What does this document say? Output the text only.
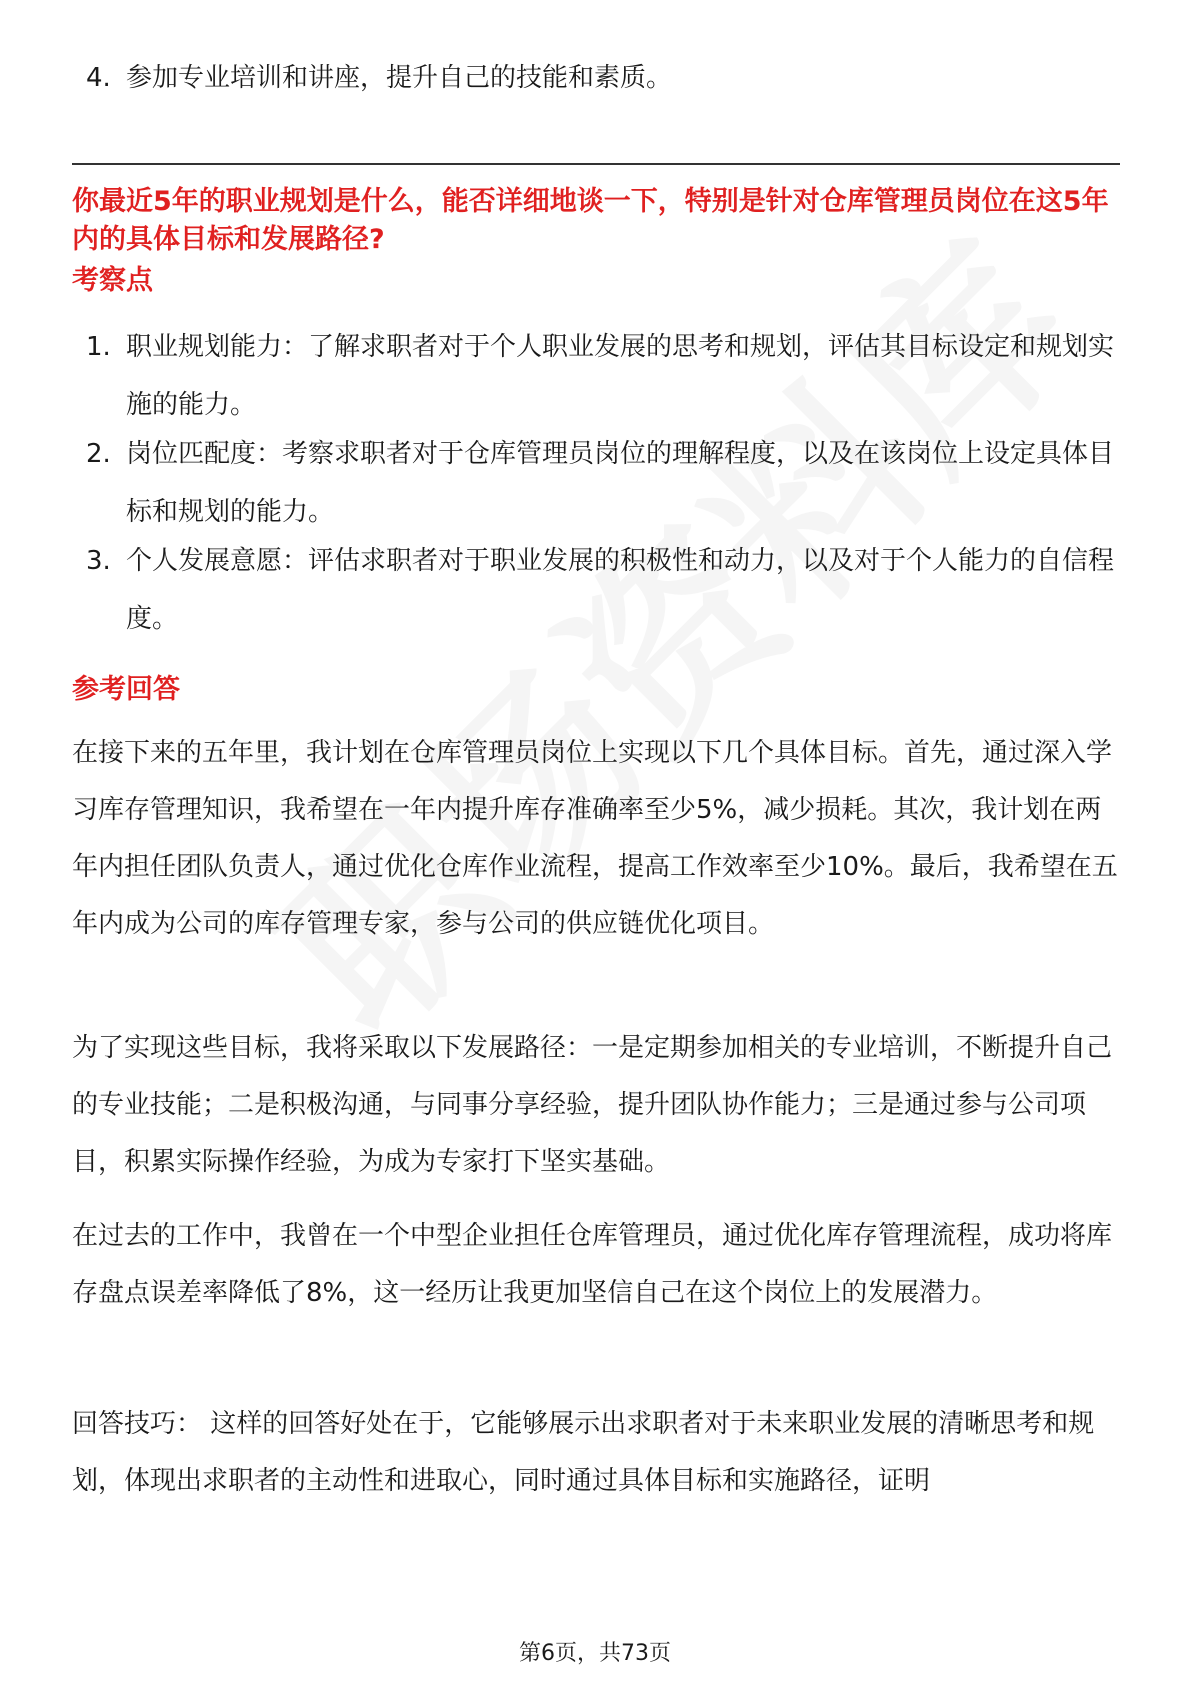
4. 参加专业培训和讲座，提升自己的技能和素质。
你最近5年的职业规划是什么，能否详细地谈一下，特别是针对仓库管理员岗位在这5年内的具体目标和发展路径?
考察点
1. 职业规划能力：了解求职者对于个人职业发展的思考和规划，评估其目标设定和规划实施的能力。
2. 岗位匹配度：考察求职者对于仓库管理员岗位的理解程度，以及在该岗位上设定具体目标和规划的能力。
3. 个人发展意愿：评估求职者对于职业发展的积极性和动力，以及对于个人能力的自信程度。
参考回答
在接下来的五年里，我计划在仓库管理员岗位上实现以下几个具体目标。首先，通过深入学习库存管理知识，我希望在一年内提升库存准确率至少5%，减少损耗。其次，我计划在两年内担任团队负责人，通过优化仓库作业流程，提高工作效率至少10%。最后，我希望在五年内成为公司的库存管理专家，参与公司的供应链优化项目。
为了实现这些目标，我将采取以下发展路径：一是定期参加相关的专业培训，不断提升自己的专业技能；二是积极沟通，与同事分享经验，提升团队协作能力；三是通过参与公司项目，积累实际操作经验，为成为专家打下坚实基础。
在过去的工作中，我曾在一个中型企业担任仓库管理员，通过优化库存管理流程，成功将库存盘点误差率降低了8%，这一经历让我更加坚信自己在这个岗位上的发展潜力。
回答技巧： 这样的回答好处在于，它能够展示出求职者对于未来职业发展的清晰思考和规划，体现出求职者的主动性和进取心，同时通过具体目标和实施路径，证明
第6页，共73页
